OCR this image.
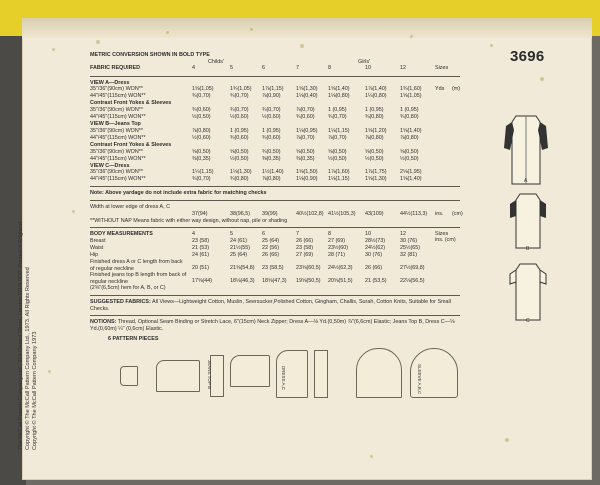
3696
The McCall Pattern Company Ltd., 214 Oxford Street, London W1N 0DP. Printed in England Copyright © The McCall Pattern Company Ltd., 1973. All Rights Reserved Copyright © The McCall Pattern Company 1973
METRIC CONVERSION SHOWN IN BOLD TYPE
FABRIC REQUIRED
Childs'	Girls'
4	5	6	7	8	10	12	Sizes
VIEW A—Dress
35"/36"(90cm) WON**	1⅝(1,05)	1¾(1,05) 1⅞(1,15) 1⅝(1,30) 1⅝(1,40)	1⅞(1,40) 1¾(1,60) Yds (m)
44"/45"(115cm) WON**	¾(0,70)	¾(0,70) ⅞(0,90)	1⅛(0,40) 1⅛(0,80)	1¼(0,80) 1⅝(1,05)
Contrast Front Yokes & Sleeves
35"/36"(90cm) WON**	¾(0,60)	¾(0,70) ¾(0,70)	⅞(0,70) 1 (0,95)	1 (0,95)	1 (0,95)
44"/45"(115cm) WON**	½(0,50)	½(0,60) ½(0,60)	¾(0,60) ¾(0,70)	¾(0,80)	¾(0,80)
VIEW B—Jeans Top
35"/36"(90cm) WON**	⅞(0,80)	1 (0,95) 1 (0,95)	1⅛(0,95) 1⅛(1,15)	1⅝(1,20) 1⅝(1,40)
44"/45"(115cm) WON**	½(0,60)	¾(0,60) ¾(0,60)	⅞(0,70) ⅞(0,70)	⅞(0,80)	⅞(0,80)
Contrast Front Yokes & Sleeves
35"/36"(90cm) WON**	⅝(0,50)	⅝(0,50) ¾(0,50)	⅝(0,50) ⅝(0,50)	⅝(0,50)	⅝(0,50)
44"/45"(115cm) WON**	⅜(0,35)	½(0,50) ⅜(0,35)	⅜(0,35) ½(0,50)	½(0,50)	½(0,50)
VIEW C—Dress
35"/36"(90cm) WON**	1¼(1,15)	1⅛(1,30) 1½(1,40) 1⅝(1,50) 1⅞(1,60)	1⅞(1,75) 2⅛(1,95)
44"/45"(115cm) WON**	¾(0,70)	¾(0,80) ⅞(0,80)	1⅛(0,90) 1⅛(1,15)	1⅝(1,30) 1⅝(1,40)
Note: Above yardage do not include extra fabric for matching checks
Width at lower edge of dress A, C
37(94)	38(96,5) 39(99)	40½(102,8) 41½(105,3) 43(109)	44½(113,3) ins. (cm)
**WITHOUT NAP Means fabric with either way design, without nap, pile or shading
BODY MEASUREMENTS	4	5	6	7	8	10	12	Sizes
ins. (cm)
Breast	23 (58)	24 (61)	25 (64)	26 (66)	27 (69)	28½(73)	30 (76)
Waist	21 (53)	21½(55) 22 (56)	23 (58)	23½(60)	24½(62)	25½(65)
Hip	24 (61)	25 (64)	26 (66)	27 (69)	28 (71)	30 (76)	32 (81)
Finished dress A or C length from back of regular neckline	20 (51)	21⅝(54,8) 23 (58,5) 23⅝(60,5) 24½(62,3) 26 (66)	27½(69,8)
Finished jeans top B length from back of regular neckline	17⅝(44)	18⅛(46,3) 18⅝(47,3) 19⅝(50,5) 20⅝(51,5) 21 (53,5) 22⅛(56,5)
(2⅝"(6,5cm) hem for A, B, or C)
SUGGESTED FABRICS: All Views—Lightweight Cotton, Muslin, Seersucker,Polished Cotton, Gingham, Challis, Surah, Cotton Knits, Suitable for Small Checks.
NOTIONS: Thread, Optional Seam Binding or Stretch Lace, 6"(15cm) Neck Zipper; Dress A—⅛ Yd.(0,50m) ⅞"(6,6cm) Elastic; Jeans Top B, Dress C—⅛ Yd.(0,60m) ¼" (0,6cm) Elastic.
6 PATTERN PIECES
JEANS TOP B	DRESS A,C	SLEEVE A,B,C
A
B
C
